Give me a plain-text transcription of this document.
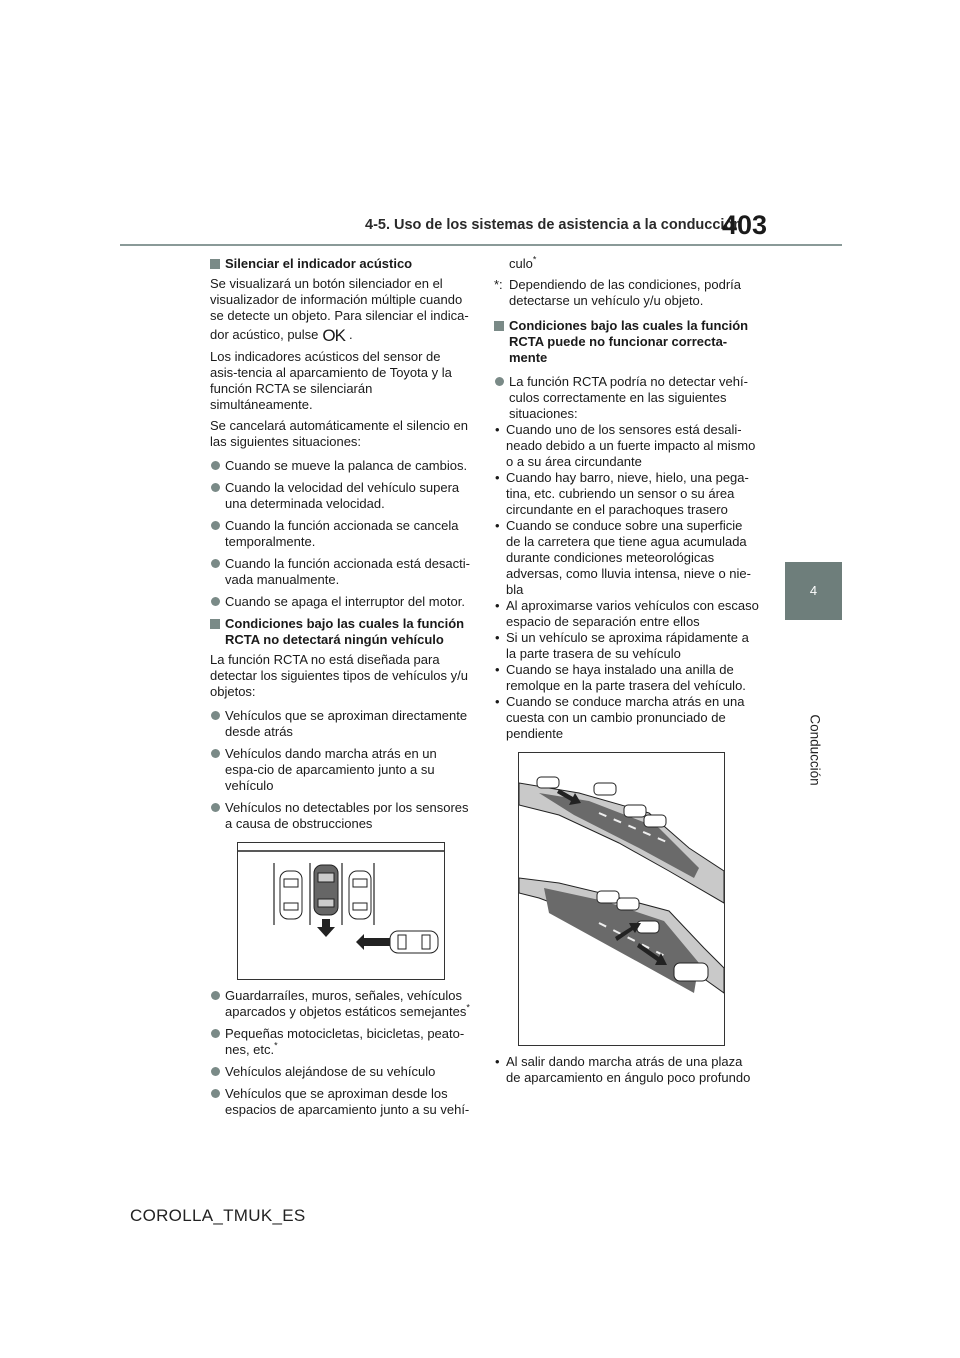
4-5. Uso de los sistemas de asistencia a la conducción
403
4
Conducción
Silenciar el indicador acústico

Se visualizará un botón silenciador en el visualizador de información múltiple cuando se detecte un objeto. Para silenciar el indica-

dor acústico, pulse OK .

Los indicadores acústicos del sensor de asis-tencia al aparcamiento de Toyota y la función RCTA se silenciarán simultáneamente.

Se cancelará automáticamente el silencio en las siguientes situaciones:

Cuando se mueve la palanca de cambios.
Cuando la velocidad del vehículo supera una determinada velocidad.
Cuando la función accionada se cancela temporalmente.
Cuando la función accionada está desacti-vada manualmente.
Cuando se apaga el interruptor del motor.
Condiciones bajo las cuales la función RCTA no detectará ningún vehículo

La función RCTA no está diseñada para detectar los siguientes tipos de vehículos y/u objetos:

Vehículos que se aproximan directamente desde atrás
Vehículos dando marcha atrás en un espa-cio de aparcamiento junto a su vehículo
Vehículos no detectables por los sensores a causa de obstrucciones
Guardarraíles, muros, señales, vehículos aparcados y objetos estáticos semejantes*
Pequeñas motocicletas, bicicletas, peato-nes, etc.*
Vehículos alejándose de su vehículo
Vehículos que se aproximan desde los espacios de aparcamiento junto a su vehí-

culo*

*: Dependiendo de las condiciones, podría detectarse un vehículo y/u objeto.

Condiciones bajo las cuales la función RCTA puede no funcionar correcta-mente
La función RCTA podría no detectar vehí-culos correctamente en las siguientes situaciones:
• Cuando uno de los sensores está desali-neado debido a un fuerte impacto al mismo o a su área circundante
• Cuando hay barro, nieve, hielo, una pega-tina, etc. cubriendo un sensor o su área circundante en el parachoques trasero
• Cuando se conduce sobre una superficie de la carretera que tiene agua acumulada durante condiciones meteorológicas adversas, como lluvia intensa, nieve o nie-bla
• Al aproximarse varios vehículos con escaso espacio de separación entre ellos
• Si un vehículo se aproxima rápidamente a la parte trasera de su vehículo
• Cuando se haya instalado una anilla de remolque en la parte trasera del vehículo.
• Cuando se conduce marcha atrás en una cuesta con un cambio pronunciado de pendiente
• Al salir dando marcha atrás de una plaza de aparcamiento en ángulo poco profundo
COROLLA_TMUK_ES
